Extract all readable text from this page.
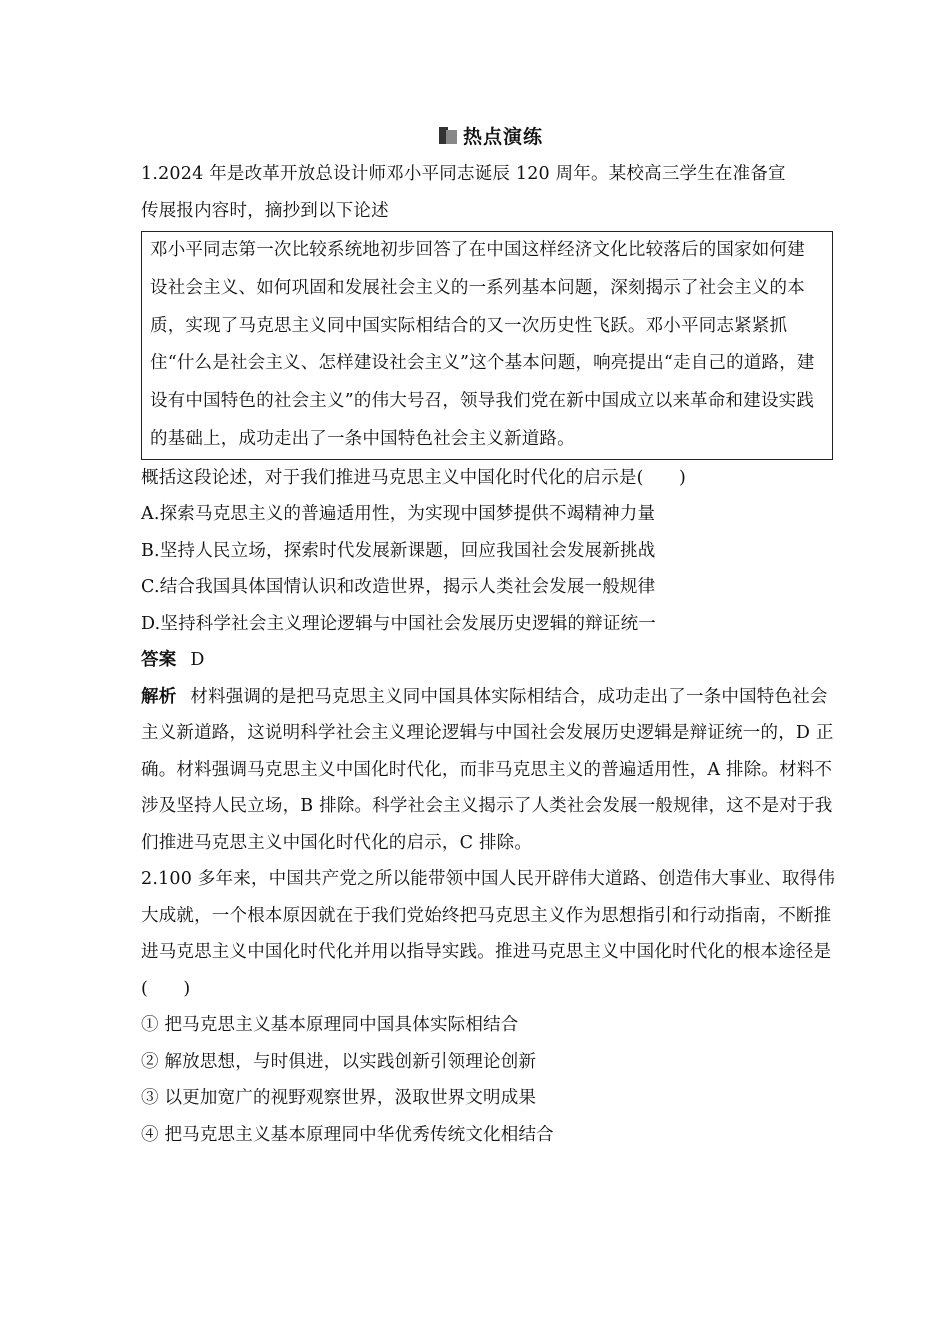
热点演练
1.2024 年是改革开放总设计师邓小平同志诞辰 120 周年。某校高三学生在准备宣
传展报内容时，摘抄到以下论述
邓小平同志第一次比较系统地初步回答了在中国这样经济文化比较落后的国家如何建设社会主义、如何巩固和发展社会主义的一系列基本问题，深刻揭示了社会主义的本质，实现了马克思主义同中国实际相结合的又一次历史性飞跃。邓小平同志紧紧抓住“什么是社会主义、怎样建设社会主义”这个基本问题，响亮提出“走自己的道路，建设有中国特色的社会主义”的伟大号召，领导我们党在新中国成立以来革命和建设实践的基础上，成功走出了一条中国特色社会主义新道路。
概括这段论述，对于我们推进马克思主义中国化时代化的启示是(　　)
A.探索马克思主义的普遍适用性，为实现中国梦提供不竭精神力量
B.坚持人民立场，探索时代发展新课题，回应我国社会发展新挑战
C.结合我国具体国情认识和改造世界，揭示人类社会发展一般规律
D.坚持科学社会主义理论逻辑与中国社会发展历史逻辑的辩证统一
答案 D
解析 材料强调的是把马克思主义同中国具体实际相结合，成功走出了一条中国特色社会主义新道路，这说明科学社会主义理论逻辑与中国社会发展历史逻辑是辩证统一的，D 正确。材料强调马克思主义中国化时代化，而非马克思主义的普遍适用性，A 排除。材料不涉及坚持人民立场，B 排除。科学社会主义揭示了人类社会发展一般规律，这不是对于我们推进马克思主义中国化时代化的启示，C 排除。
2.100 多年来，中国共产党之所以能带领中国人民开辟伟大道路、创造伟大事业、取得伟大成就，一个根本原因就在于我们党始终把马克思主义作为思想指引和行动指南，不断推进马克思主义中国化时代化并用以指导实践。推进马克思主义中国化时代化的根本途径是(　　)
① 把马克思主义基本原理同中国具体实际相结合
② 解放思想，与时俱进，以实践创新引领理论创新
③ 以更加宽广的视野观察世界，汲取世界文明成果
④ 把马克思主义基本原理同中华优秀传统文化相结合
